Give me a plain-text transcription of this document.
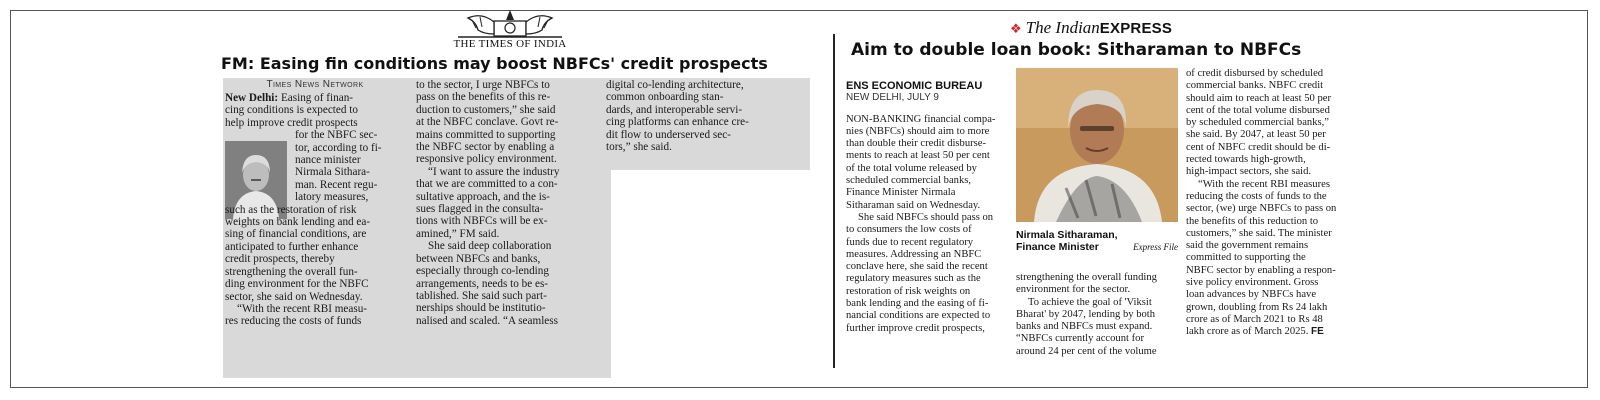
THE TIMES OF INDIA
FM: Easing fin conditions may boost NBFCs' credit prospects
Times News Network
New Delhi: Easing of finan-
cing conditions is expected to
help improve credit prospects
for the NBFC sec-
tor, according to fi-
nance minister
Nirmala Sithara-
man. Recent regu-
latory measures,
such as the restoration of risk
weights on bank lending and ea-
sing of financial conditions, are
anticipated to further enhance
credit prospects, thereby
strengthening the overall fun-
ding environment for the NBFC
sector, she said on Wednesday.
“With the recent RBI measu-
res reducing the costs of funds
to the sector, I urge NBFCs to
pass on the benefits of this re-
duction to customers,” she said
at the NBFC conclave. Govt re-
mains committed to supporting
the NBFC sector by enabling a
responsive policy environment.
“I want to assure the industry
that we are committed to a con-
sultative approach, and the is-
sues flagged in the consulta-
tions with NBFCs will be ex-
amined,” FM said.
She said deep collaboration
between NBFCs and banks,
especially through co-lending
arrangements, needs to be es-
tablished. She said such part-
nerships should be institutio-
nalised and scaled. “A seamless
digital co-lending architecture,
common onboarding stan-
dards, and interoperable servi-
cing platforms can enhance cre-
dit flow to underserved sec-
tors,” she said.
❖ The IndianEXPRESS
Aim to double loan book: Sitharaman to NBFCs
ENS ECONOMIC BUREAU
NEW DELHI, JULY 9
NON-BANKING financial compa-
nies (NBFCs) should aim to more
than double their credit disburse-
ments to reach at least 50 per cent
of the total volume released by
scheduled commercial banks,
Finance Minister Nirmala
Sitharaman said on Wednesday.
She said NBFCs should pass on
to consumers the low costs of
funds due to recent regulatory
measures. Addressing an NBFC
conclave here, she said the recent
regulatory measures such as the
restoration of risk weights on
bank lending and the easing of fi-
nancial conditions are expected to
further improve credit prospects,
Nirmala Sitharaman,
Finance Minister	Express File
strengthening the overall funding
environment for the sector.
To achieve the goal of 'Viksit
Bharat' by 2047, lending by both
banks and NBFCs must expand.
“NBFCs currently account for
around 24 per cent of the volume
of credit disbursed by scheduled
commercial banks. NBFC credit
should aim to reach at least 50 per
cent of the total volume disbursed
by scheduled commercial banks,”
she said. By 2047, at least 50 per
cent of NBFC credit should be di-
rected towards high-growth,
high-impact sectors, she said.
“With the recent RBI measures
reducing the costs of funds to the
sector, (we) urge NBFCs to pass on
the benefits of this reduction to
customers,” she said. The minister
said the government remains
committed to supporting the
NBFC sector by enabling a respon-
sive policy environment. Gross
loan advances by NBFCs have
grown, doubling from Rs 24 lakh
crore as of March 2021 to Rs 48
lakh crore as of March 2025. FE
